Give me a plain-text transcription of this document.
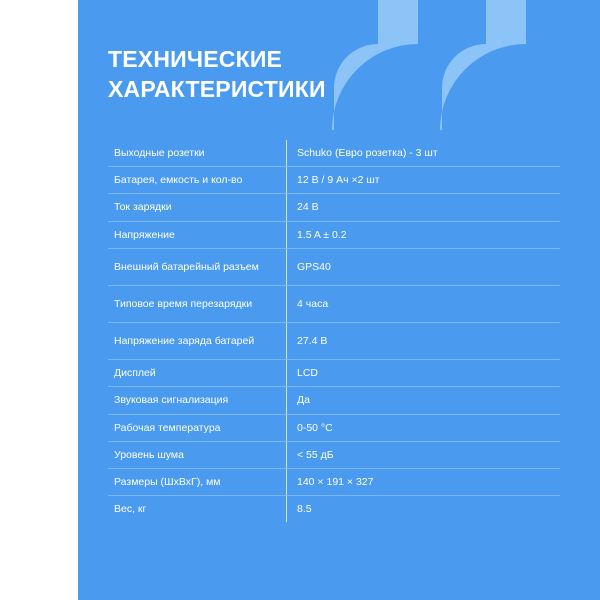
ТЕХНИЧЕСКИЕ
ХАРАКТЕРИСТИКИ
Выходные розетки	Schuko (Евро розетка) - 3 шт
Батарея, емкость и кол-во	12 В / 9 Ач ×2 шт
Ток зарядки	24 В
Напряжение	1.5 A ± 0.2
Внешний батарейный разъем	GPS40
Типовое время перезарядки	4 часа
Напряжение заряда батарей	27.4 В
Дисплей	LCD
Звуковая сигнализация	Да
Рабочая температура	0-50 °С
Уровень шума	< 55 дБ
Размеры (ШхВхГ), мм	140 × 191 × 327
Вес, кг	8.5
